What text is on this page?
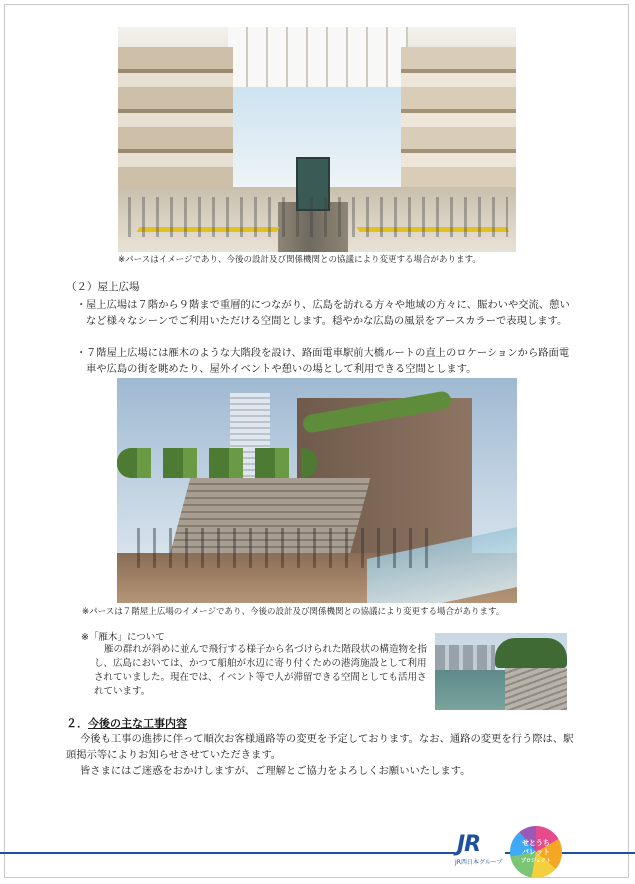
※パースはイメージであり、今後の設計及び関係機関との協議により変更する場合があります。
（２）屋上広場
・ 屋上広場は７階から９階まで重層的につながり、広島を訪れる方々や地域の方々に、賑わいや交流、憩いなど様々なシーンでご利用いただける空間とします。穏やかな広島の風景をアースカラーで表現します。
・ ７階屋上広場には雁木のような大階段を設け、路面電車駅前大橋ルートの直上のロケーションから路面電車や広島の街を眺めたり、屋外イベントや憩いの場として利用できる空間とします。
※パースは７階屋上広場のイメージであり、今後の設計及び関係機関との協議により変更する場合があります。
※「雁木」について
雁の群れが斜めに並んで飛行する様子から名づけられた階段状の構造物を指し、広島においては、かつて船舶が水辺に寄り付くための港湾施設として利用されていました。現在では、イベント等で人が滞留できる空間としても活用されています。
２．今後の主な工事内容
今後も工事の進捗に伴って順次お客様通路等の変更を予定しております。なお、通路の変更を行う際は、駅頭掲示等によりお知らせさせていただきます。
皆さまにはご迷惑をおかけしますが、ご理解とご協力をよろしくお願いいたします。
JR
JR西日本グループ
せとうち
パレット
プロジェクト
